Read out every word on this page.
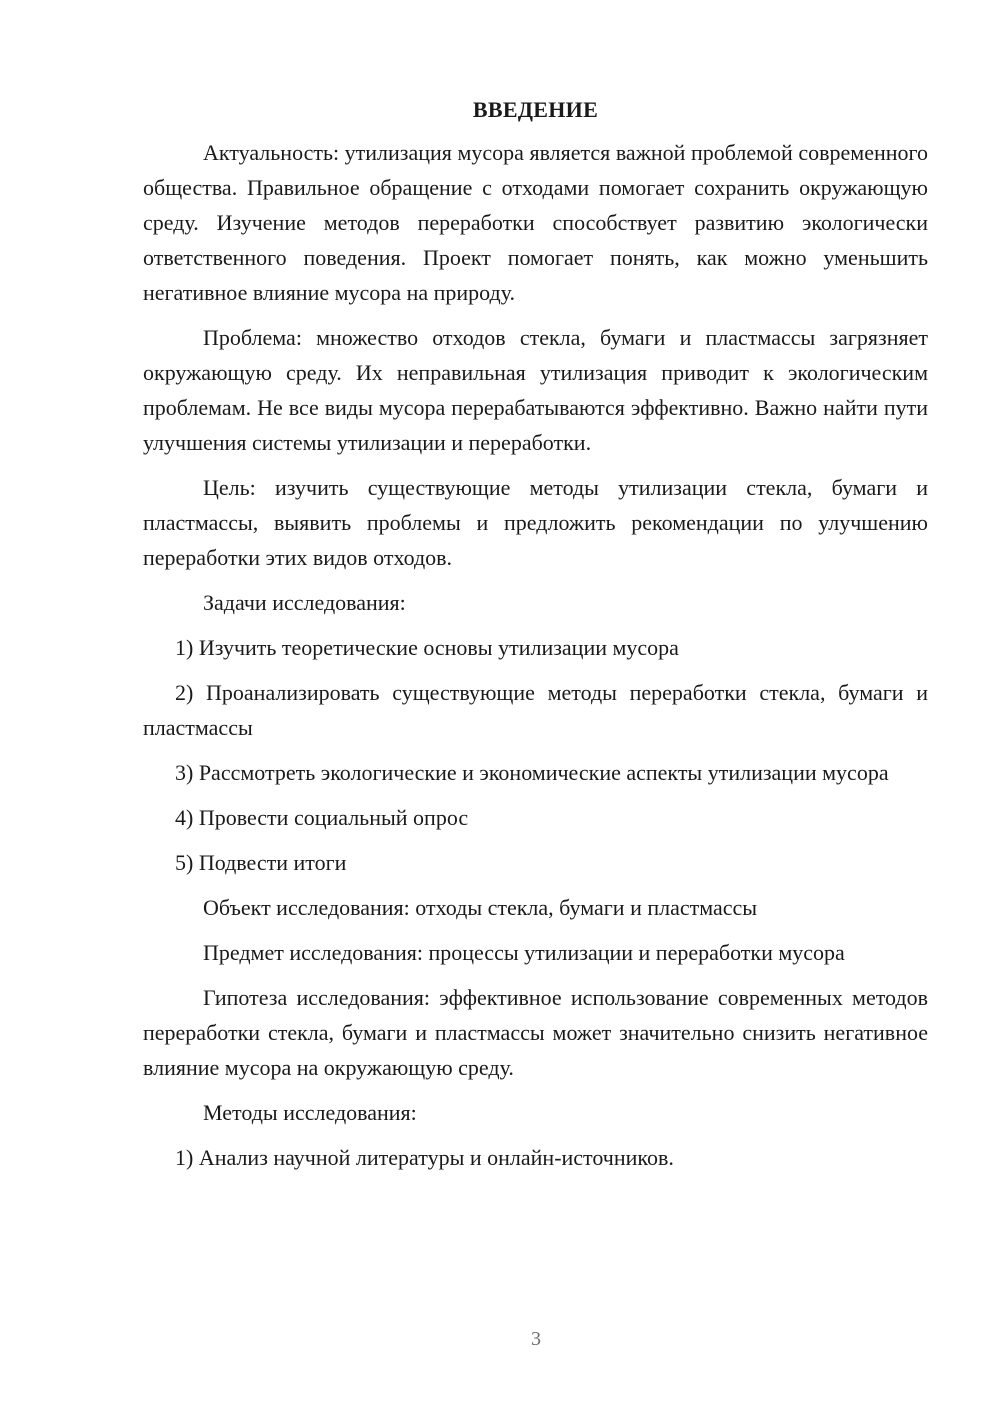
ВВЕДЕНИЕ

Актуальность: утилизация мусора является важной проблемой современного общества. Правильное обращение с отходами помогает сохранить окружающую среду. Изучение методов переработки способствует развитию экологически ответственного поведения. Проект помогает понять, как можно уменьшить негативное влияние мусора на природу.

Проблема: множество отходов стекла, бумаги и пластмассы загрязняет окружающую среду. Их неправильная утилизация приводит к экологическим проблемам. Не все виды мусора перерабатываются эффективно. Важно найти пути улучшения системы утилизации и переработки.

Цель: изучить существующие методы утилизации стекла, бумаги и пластмассы, выявить проблемы и предложить рекомендации по улучшению переработки этих видов отходов.

Задачи исследования:

1) Изучить теоретические основы утилизации мусора

2) Проанализировать существующие методы переработки стекла, бумаги и пластмассы

3) Рассмотреть экологические и экономические аспекты утилизации мусора

4) Провести социальный опрос

5) Подвести итоги

Объект исследования: отходы стекла, бумаги и пластмассы
Предмет исследования: процессы утилизации и переработки мусора

Гипотеза исследования: эффективное использование современных методов переработки стекла, бумаги и пластмассы может значительно снизить негативное влияние мусора на окружающую среду.

Методы исследования:

1) Анализ научной литературы и онлайн-источников.

3
